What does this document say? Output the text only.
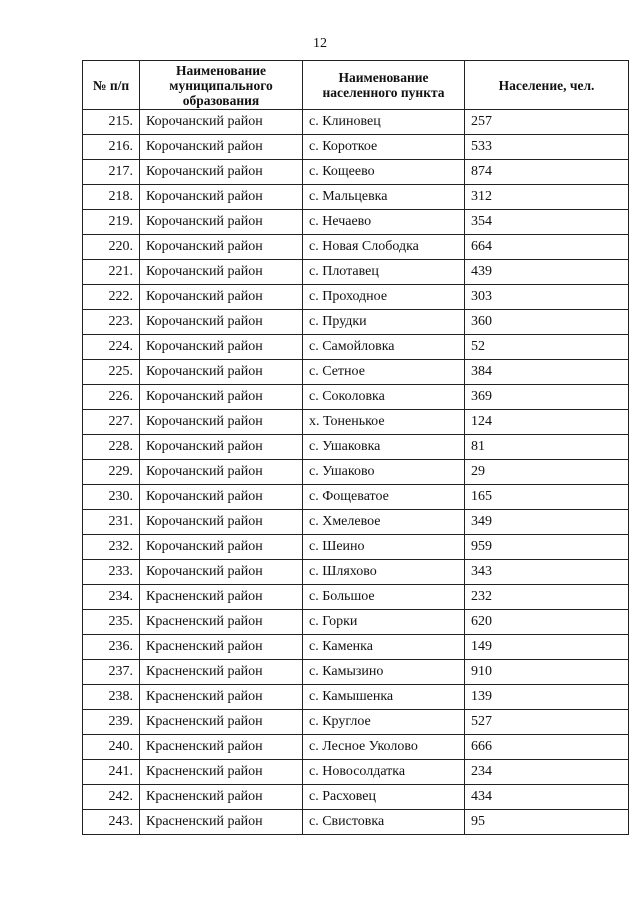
12
№ п/п	Наименование муниципального образования	Наименование населенного пункта	Население, чел.
215.	Корочанский район	с. Клиновец	257
216.	Корочанский район	с. Короткое	533
217.	Корочанский район	с. Кощеево	874
218.	Корочанский район	с. Мальцевка	312
219.	Корочанский район	с. Нечаево	354
220.	Корочанский район	с. Новая Слободка	664
221.	Корочанский район	с. Плотавец	439
222.	Корочанский район	с. Проходное	303
223.	Корочанский район	с. Прудки	360
224.	Корочанский район	с. Самойловка	52
225.	Корочанский район	с. Сетное	384
226.	Корочанский район	с. Соколовка	369
227.	Корочанский район	х. Тоненькое	124
228.	Корочанский район	с. Ушаковка	81
229.	Корочанский район	с. Ушаково	29
230.	Корочанский район	с. Фощеватое	165
231.	Корочанский район	с. Хмелевое	349
232.	Корочанский район	с. Шеино	959
233.	Корочанский район	с. Шляхово	343
234.	Красненский район	с. Большое	232
235.	Красненский район	с. Горки	620
236.	Красненский район	с. Каменка	149
237.	Красненский район	с. Камызино	910
238.	Красненский район	с. Камышенка	139
239.	Красненский район	с. Круглое	527
240.	Красненский район	с. Лесное Уколово	666
241.	Красненский район	с. Новосолдатка	234
242.	Красненский район	с. Расховец	434
243.	Красненский район	с. Свистовка	95
